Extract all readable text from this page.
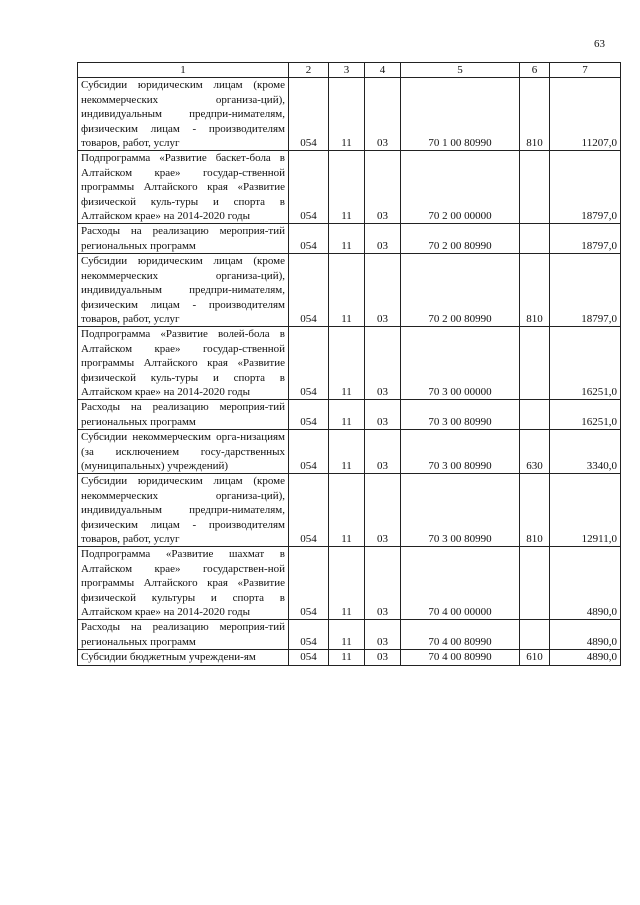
63
1	2	3	4	5	6	7
Субсидии юридическим лицам (кроме некоммерческих организа-ций), индивидуальным предпри-нимателям, физическим лицам - производителям товаров, работ, услуг	054	11	03	70 1 00 80990	810	11207,0
Подпрограмма «Развитие баскет-бола в Алтайском крае» государ-ственной программы Алтайского края «Развитие физической куль-туры и спорта в Алтайском крае» на 2014-2020 годы	054	11	03	70 2 00 00000		18797,0
Расходы на реализацию мероприя-тий региональных программ	054	11	03	70 2 00 80990		18797,0
Субсидии юридическим лицам (кроме некоммерческих организа-ций), индивидуальным предпри-нимателям, физическим лицам - производителям товаров, работ, услуг	054	11	03	70 2 00 80990	810	18797,0
Подпрограмма «Развитие волей-бола в Алтайском крае» государ-ственной программы Алтайского края «Развитие физической куль-туры и спорта в Алтайском крае» на 2014-2020 годы	054	11	03	70 3 00 00000		16251,0
Расходы на реализацию мероприя-тий региональных программ	054	11	03	70 3 00 80990		16251,0
Субсидии некоммерческим орга-низациям (за исключением госу-дарственных (муниципальных) учреждений)	054	11	03	70 3 00 80990	630	3340,0
Субсидии юридическим лицам (кроме некоммерческих организа-ций), индивидуальным предпри-нимателям, физическим лицам - производителям товаров, работ, услуг	054	11	03	70 3 00 80990	810	12911,0
Подпрограмма «Развитие шахмат в Алтайском крае» государствен-ной программы Алтайского края «Развитие физической культуры и спорта в Алтайском крае» на 2014-2020 годы	054	11	03	70 4 00 00000		4890,0
Расходы на реализацию мероприя-тий региональных программ	054	11	03	70 4 00 80990		4890,0
Субсидии бюджетным учреждени-ям	054	11	03	70 4 00 80990	610	4890,0
